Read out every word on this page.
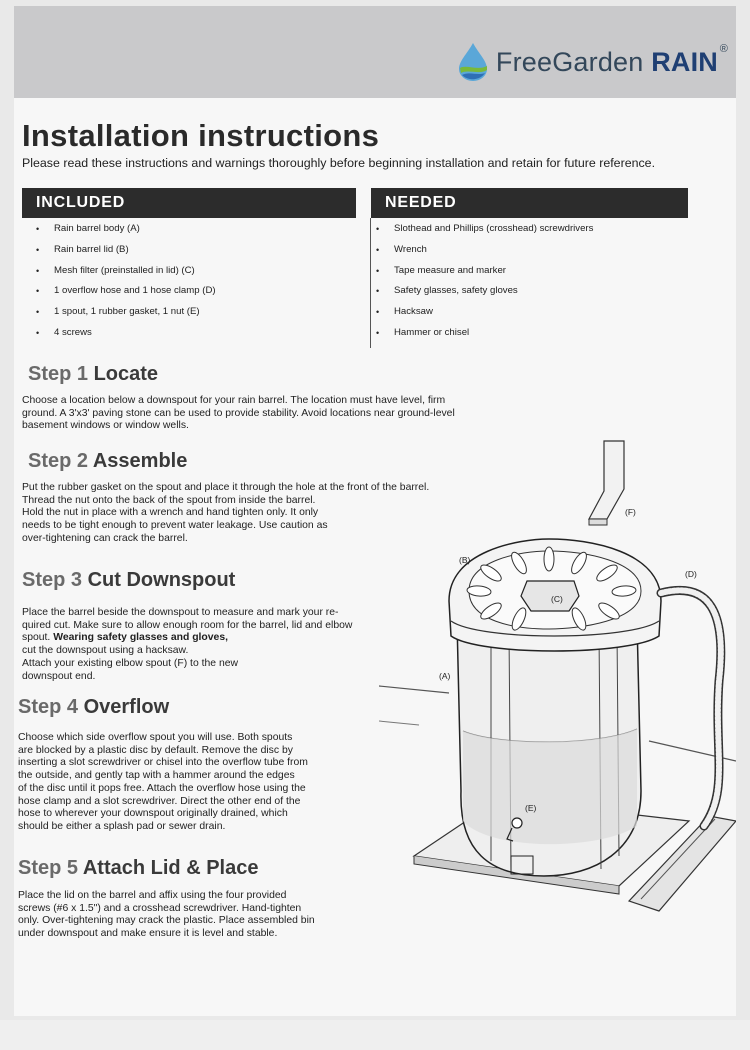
FreeGarden RAIN ®
Installation instructions
Please read these instructions and warnings thoroughly before beginning installation and retain for future reference.
INCLUDED	NEEDED
• Rain barrel body (A)
• Rain barrel lid (B)
• Mesh filter (preinstalled in lid) (C)
• 1 overflow hose and 1 hose clamp (D)
• 1 spout, 1 rubber gasket, 1 nut (E)
• 4 screws
• Slothead and Phillips (crosshead) screwdrivers
• Wrench
• Tape measure and marker
• Safety glasses, safety gloves
• Hacksaw
• Hammer or chisel
Step 1 Locate
Choose a location below a downspout for your rain barrel. The location must have level, firm
ground. A 3'x3' paving stone can be used to provide stability. Avoid locations near ground-level
basement windows or window wells.
Step 2 Assemble
Put the rubber gasket on the spout and place it through the hole at the front of the barrel.
Thread the nut onto the back of the spout from inside the barrel.
Hold the nut in place with a wrench and hand tighten only. It only
needs to be tight enough to prevent water leakage. Use caution as
over-tightening can crack the barrel.
Step 3 Cut Downspout
Place the barrel beside the downspout to measure and mark your re-
quired cut. Make sure to allow enough room for the barrel, lid and elbow
spout. Wearing safety glasses and gloves,
cut the downspout using a hacksaw.
Attach your existing elbow spout (F) to the new
downspout end.
Step 4 Overflow
Choose which side overflow spout you will use. Both spouts
are blocked by a plastic disc by default. Remove the disc by
inserting a slot screwdriver or chisel into the overflow tube from
the outside, and gently tap with a hammer around the edges
of the disc until it pops free. Attach the overflow hose using the
hose clamp and a slot screwdriver. Direct the other end of the
hose to wherever your downspout originally drained, which
should be either a splash pad or sewer drain.
Step 5 Attach Lid & Place
Place the lid on the barrel and affix using the four provided
screws (#6 x 1.5") and a crosshead screwdriver. Hand-tighten
only. Over-tightening may crack the plastic. Place assembled bin
under downspout and make ensure it is level and stable.
(F)
(B)
(D)
(C)
(A)
(E)
